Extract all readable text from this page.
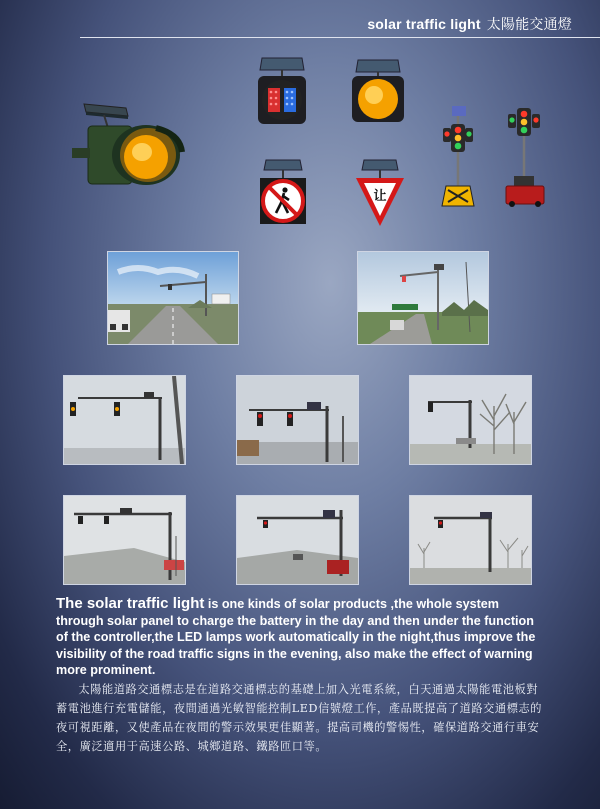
solar traffic light 太陽能交通燈
让
The solar traffic light is one kinds of solar products ,the whole system through solar panel to charge the battery in the day and then under the function of the controller,the LED lamps work automatically in the night,thus improve the visibility of the road traffic signs in the evening, also make the effect of warning more prominent.
太陽能道路交通標志是在道路交通標志的基礎上加入光電系統，白天通過太陽能電池板對蓄電池進行充電儲能，夜間通過光敏智能控制LED信號燈工作，產品既提高了道路交通標志的夜可視距離，又使產品在夜間的警示效果更佳顯著。提高司機的警惕性，確保道路交通行車安全，廣泛適用于高速公路、城鄉道路、鐵路匝口等。
